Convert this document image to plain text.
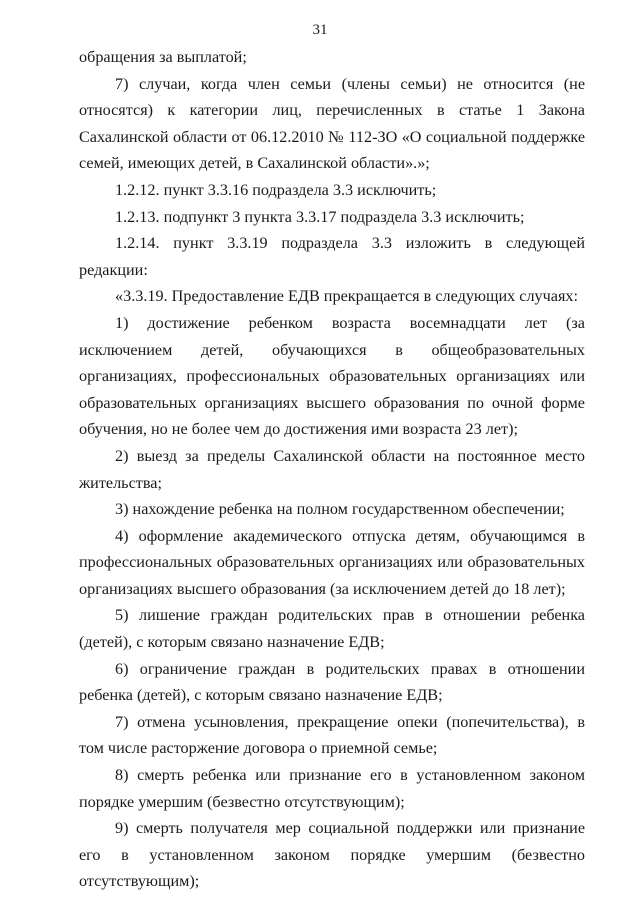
31

обращения за выплатой;

7) случаи, когда член семьи (члены семьи) не относится (не относятся) к категории лиц, перечисленных в статье 1 Закона Сахалинской области от 06.12.2010 № 112-ЗО «О социальной поддержке семей, имеющих детей, в Сахалинской области».»;

1.2.12. пункт 3.3.16 подраздела 3.3 исключить;

1.2.13. подпункт 3 пункта 3.3.17 подраздела 3.3 исключить;

1.2.14. пункт 3.3.19 подраздела 3.3 изложить в следующей редакции:

«3.3.19. Предоставление ЕДВ прекращается в следующих случаях:

1) достижение ребенком возраста восемнадцати лет (за исключением детей, обучающихся в общеобразовательных организациях, профессиональных образовательных организациях или образовательных организациях высшего образования по очной форме обучения, но не более чем до достижения ими возраста 23 лет);

2) выезд за пределы Сахалинской области на постоянное место жительства;

3) нахождение ребенка на полном государственном обеспечении;

4) оформление академического отпуска детям, обучающимся в профессиональных образовательных организациях или образовательных организациях высшего образования (за исключением детей до 18 лет);

5) лишение граждан родительских прав в отношении ребенка (детей), с которым связано назначение ЕДВ;

6) ограничение граждан в родительских правах в отношении ребенка (детей), с которым связано назначение ЕДВ;

7) отмена усыновления, прекращение опеки (попечительства), в том числе расторжение договора о приемной семье;

8) смерть ребенка или признание его в установленном законом порядке умершим (безвестно отсутствующим);

9) смерть получателя мер социальной поддержки или признание его в установленном законом порядке умершим (безвестно отсутствующим);
